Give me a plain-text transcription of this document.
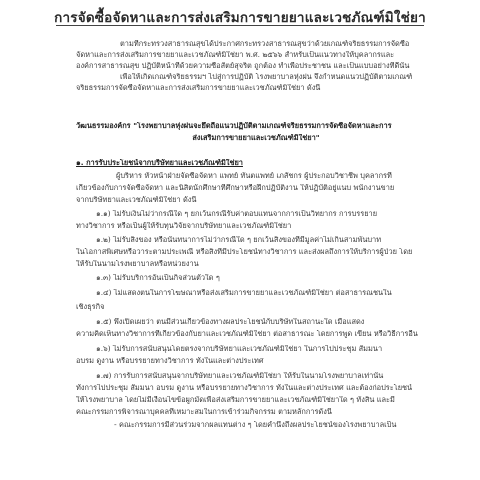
การจัดซื้อจัดหาและการส่งเสริมการขายยาและเวชภัณฑ์มิใช่ยา
ตามที่กระทรวงสาธารณสุขได้ประกาศกระทรวงสาธารณสุขว่าด้วยเกณฑ์จริยธรรมการจัดซื้อ
จัดหาและการส่งเสริมการขายยาและเวชภัณฑ์มิใช่ยา พ.ศ. ๒๕๖๖ สำหรับเป็นแนวทางให้บุคลากรและ
องค์การสาธารณสุข ปฏิบัติหน้าที่ด้วยความซื่อสัตย์สุจริต ถูกต้อง ทำเพื่อประชาชน และเป็นแบบอย่างที่ดีนั้น
เพื่อให้เกิดเกณฑ์จริยธรรมฯ ไปสู่การปฏิบัติ โรงพยาบาลหุ่งฝน จึงกำหนดแนวปฏิบัติตามเกณฑ์
จริยธรรมการจัดซื้อจัดหาและการส่งเสริมการขายยาและเวชภัณฑ์มิใช่ยา ดังนี้
วัฒนธรรมองค์กร "โรงพยาบาลหุ่งฝนจะยึดถือแนวปฏิบัติตามเกณฑ์จริยธรรมการจัดซื้อจัดหาและการ
ส่งเสริมการขายยาและเวชภัณฑ์มิใช่ยา"
๑. การรับประโยชน์จากบริษัทยาและเวชภัณฑ์มิใช่ยา
ผู้บริหาร หัวหน้าฝ่ายจัดซื้อจัดหา แพทย์ ทันตแพทย์ เภสัชกร ผู้ประกอบวิชาชีพ บุคลากรที่
เกี่ยวข้องกับการจัดซื้อจัดหา และนิสิตนักศึกษาที่ศึกษาหรือฝึกปฏิบัติงาน ให้ปฏิบัติอยู่แนบ พนักงานขาย
จากบริษัทยาและเวชภัณฑ์มิใช่ยา ดังนี้
๑.๑) ไม่รับเงินไม่ว่ากรณีใด ๆ ยกเว้นกรณีรับค่าตอบแทนจากการเป็นวิทยากร การบรรยาย
ทางวิชาการ หรือเป็นผู้ให้รับทุนวิจัยจากบริษัทยาและเวชภัณฑ์มิใช่ยา
๑.๒) ไม่รับสิ่งของ หรือนันทนาการไม่ว่ากรณีใด ๆ ยกเว้นสิ่งของที่มีมูลค่าไม่เกินสามพันบาท
ในโอกาสพิเศษหรือวาระตามประเพณี หรือสิ่งที่มีประโยชน์ทางวิชาการ และส่งผลถึงการให้บริการผู้ป่วย โดย
ให้รับในนามโรงพยาบาลหรือหน่วยงาน
๑.๓) ไม่รับบริการอันเป็นกิจส่วนตัวใด ๆ
๑.๔) ไม่แสดงตนในการโฆษณาหรือส่งเสริมการขายยาและเวชภัณฑ์มิใช่ยา ต่อสาธารณชนใน
เชิงธุรกิจ
๑.๕) พึงเปิดเผยว่า ตนมีส่วนเกี่ยวข้องทางผลประโยชน์กับบริษัทในสถานะใด เมื่อแสดง
ความคิดเห็นทางวิชาการที่เกี่ยวข้องกับยาและเวชภัณฑ์มิใช่ยา ต่อสาธารณะ โดยการพูด เขียน หรือวิธีการอื่น
๑.๖) ไม่รับการสนับสนุนโดยตรงจากบริษัทยาและเวชภัณฑ์มิใช่ยา ในการไปประชุม สัมมนา
อบรม ดูงาน หรือบรรยายทางวิชาการ ทั้งในและต่างประเทศ
๑.๗) การรับการสนับสนุนจากบริษัทยาและเวชภัณฑ์มิใช่ยา ให้รับในนามโรงพยาบาลเท่านั้น
ทั้งการไปประชุม สัมมนา อบรม ดูงาน หรือบรรยายทางวิชาการ ทั้งในและต่างประเทศ และต้องก่อประโยชน์
ให้โรงพยาบาล โดยไม่มีเงื่อนไขข้อผูกมัดเพื่อส่งเสริมการขายยาและเวชภัณฑ์มิใช่ยาใด ๆ ทั้งสิ้น และมี
คณะกรรมการพิจารณาบุคคลที่เหมาะสมในการเข้าร่วมกิจกรรม ตามหลักการดังนี้
- คณะกรรมการมีส่วนร่วมจากผลแทนต่าง ๆ โดยคำนึงถึงผลประโยชน์ของโรงพยาบาลเป็น
